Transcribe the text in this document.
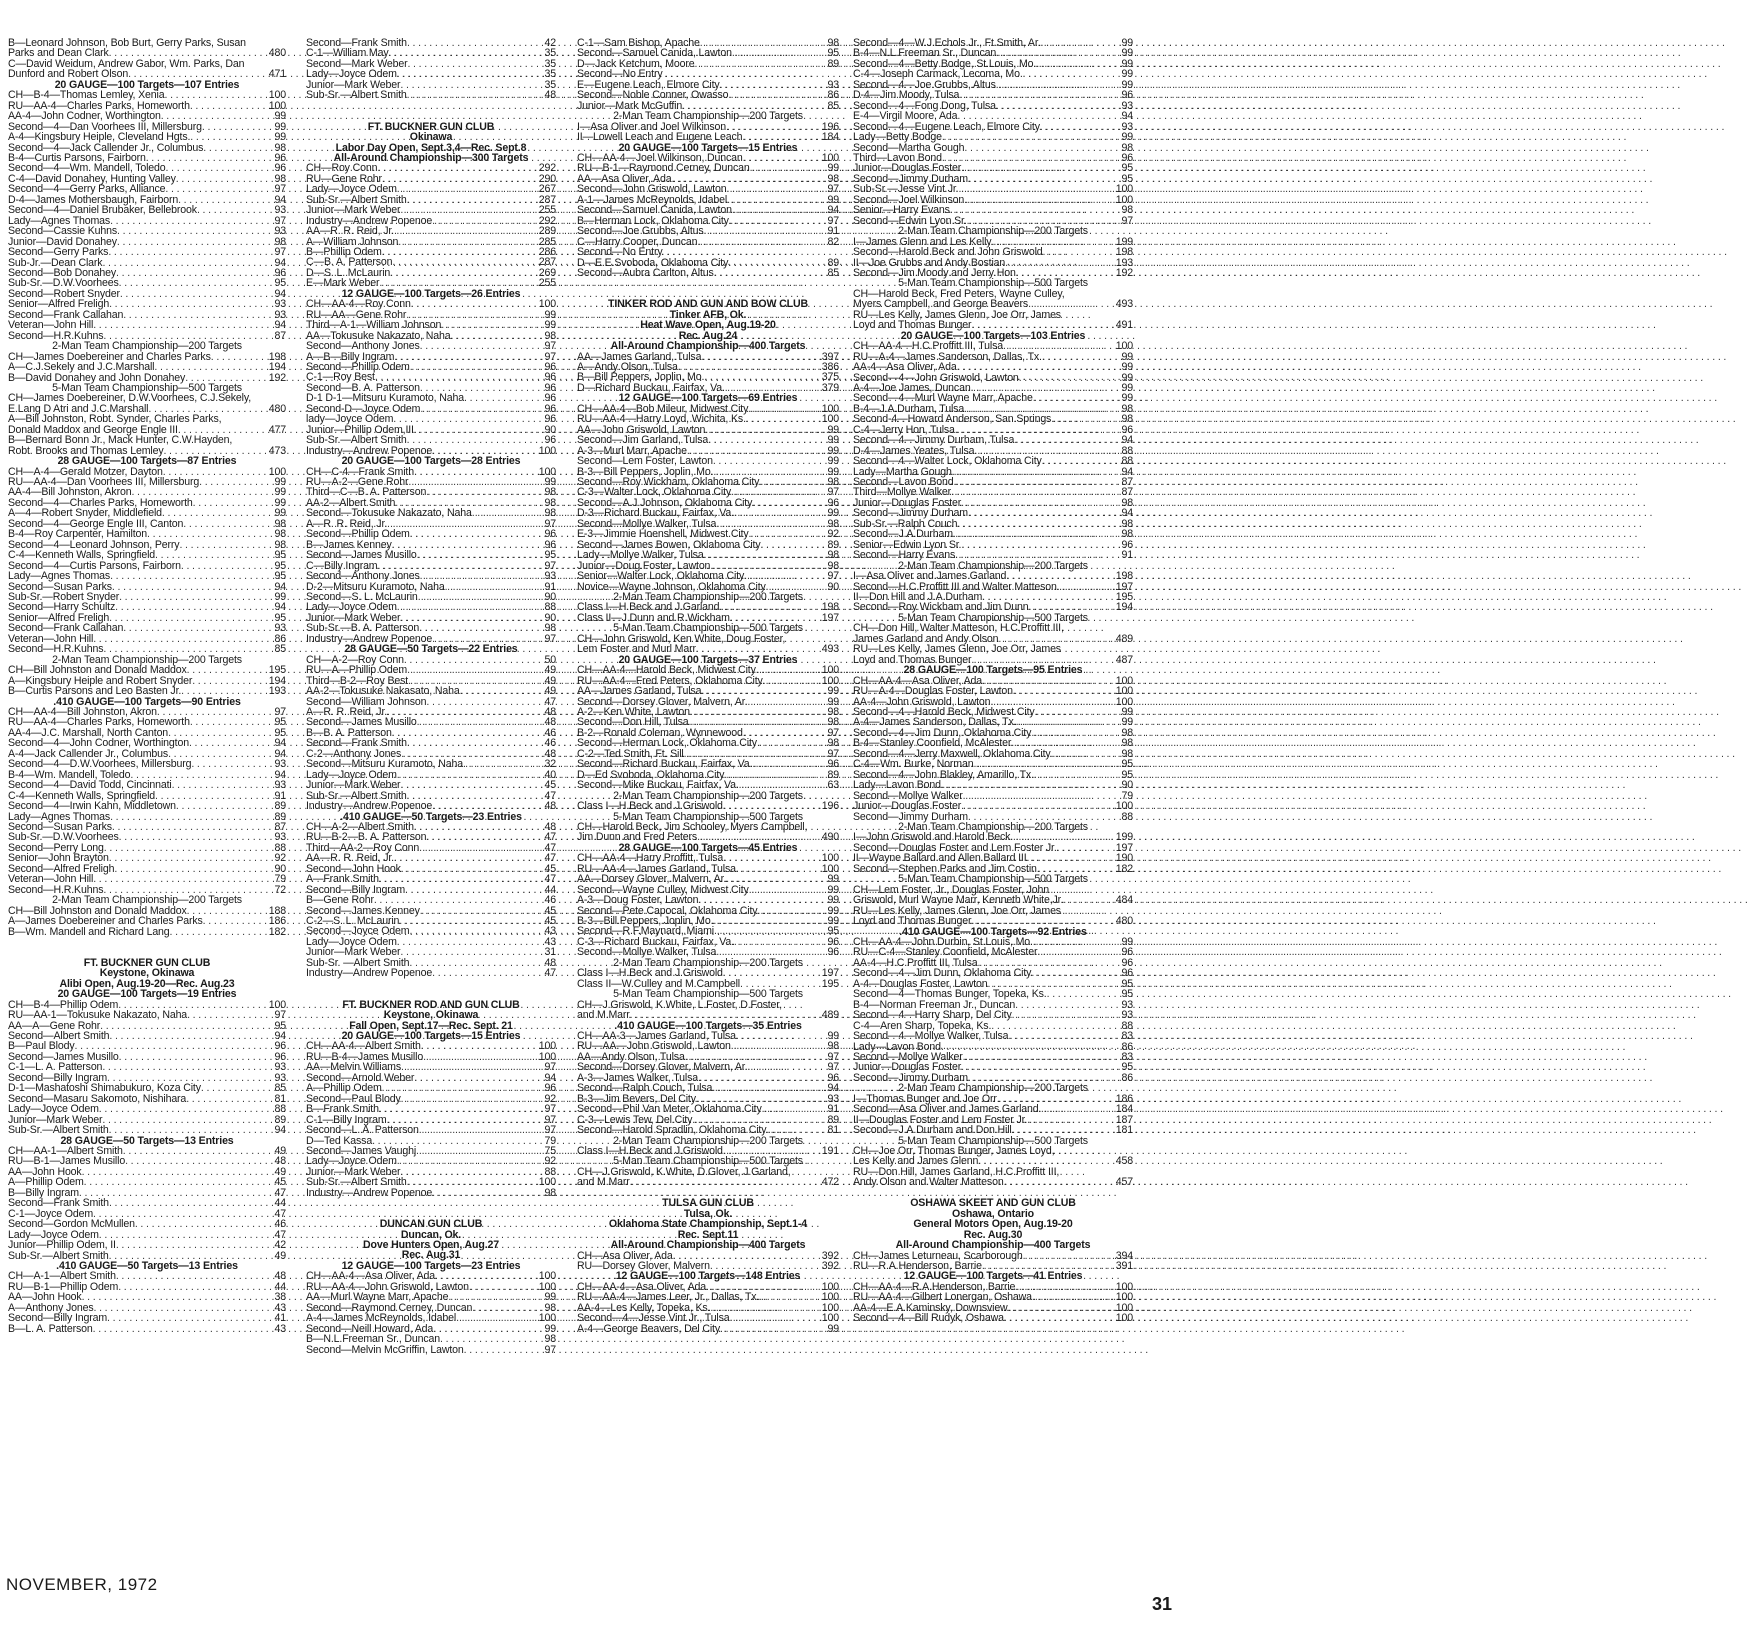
B—Leonard Johnson, Bob Burt, Gerry Parks, Susan
Parks and Dean Clark . . .	480
C—David Weidum, Andrew Gabor, Wm. Parks, Dan
Dunford and Robert Olson . . .	471
20 GAUGE—100 Targets—107 Entries
CH—B-4—Thomas Lemley, Xenia . . .	100
RU—AA-4—Charles Parks, Homeworth . . .	100
AA-4—John Codner, Worthington . . .	99
Second—4—Dan Voorhees III, Millersburg . . .	99
A-4—Kingsbury Heiple, Cleveland Hgts. . . .	99
Second—4—Jack Callender Jr., Columbus . . .	98
B-4—Curtis Parsons, Fairborn . . .	96
Second—4—Wm. Mandell, Toledo . . .	96
C-4—David Donahey, Hunting Valley . . .	98
Second—4—Gerry Parks, Alliance . . .	97
D-4—James Mothersbaugh, Fairborn . . .	94
Second—4—Daniel Brubaker, Bellebrook . . .	93
Lady—Agnes Thomas . . .	97
Second—Cassie Kuhns . . .	93
Junior—David Donahey . . .	98
Second—Gerry Parks . . .	97
Sub-Jr.—Dean Clark . . .	94
Second—Bob Donahey . . .	96
Sub-Sr.—D.W.Voorhees . . .	95
Second—Robert Snyder . . .	94
Senior—Alfred Freligh . . .	93
Second—Frank Callahan . . .	93
Veteran—John Hill . . .	94
Second—H.R.Kuhns . . .	87
2-Man Team Championship—200 Targets
CH—James Doebereiner and Charles Parks . . .	198
A—C.J.Sekely and J.C.Marshall . . .	194
B—David Donahey and John Donahey . . .	192
5-Man Team Championship—500 Targets
CH—James Doebereiner, D.W.Voorhees, C.J.Sekely,
E.Lang D Atri and J.C.Marshall . . .	480
A—Bill Johnston, Robt. Synder, Charles Parks,
Donald Maddox and George Engle III . . .	477
B—Bernard Bonn Jr., Mack Hunter, C.W.Hayden,
Robt. Brooks and Thomas Lemley . . .	473
28 GAUGE—100 Targets—87 Entries
CH—A-4—Gerald Motzer, Dayton . . .	100
RU—AA-4—Dan Voorhees III, Millersburg . . .	99
AA-4—Bill Johnston, Akron . . .	99
Second—4—Charles Parks, Homeworth . . .	99
A—4—Robert Snyder, Middlefield . . .	99
Second—4—George Engle III, Canton . . .	98
B-4—Roy Carpenter, Hamilton . . .	98
Second—4—Leonard Johnson, Perry . . .	98
C-4—Kenneth Walls, Springfield . . .	95
Second—4—Curtis Parsons, Fairborn . . .	95
Lady—Agnes Thomas . . .	95
Second—Susan Parks . . .	94
Sub-Sr.—Robert Snyder . . .	99
Second—Harry Schultz . . .	94
Senior—Alfred Freligh . . .	95
Second—Frank Callahan . . .	93
Veteran—John Hill . . .	86
Second—H.R.Kuhns . . .	85
2-Man Team Championship—200 Targets
CH—Bill Johnston and Donald Maddox . . .	195
A—Kingsbury Heiple and Robert Snyder . . .	194
B—Curtis Parsons and Leo Basten Jr. . . .	193
.410 GAUGE—100 Targets—90 Entries
CH—AA-4—Bill Johnston, Akron . . .	97
RU—AA-4—Charles Parks, Homeworth . . .	95
AA-4—J.C. Marshall, North Canton . . .	95
Second—4—John Codner, Worthington . . .	94
A-4—Jack Callender Jr., Columbus . . .	94
Second—4—D.W.Voorhees, Millersburg . . .	93
B-4—Wm. Mandell, Toledo . . .	94
Second—4—David Todd, Cincinnati . . .	93
C-4—Kenneth Walls, Springfield . . .	91
Second—4—Irwin Kahn, Middletown . . .	89
Lady—Agnes Thomas . . .	89
Second—Susan Parks . . .	87
Sub-Sr.—D.W.Voorhees . . .	93
Second—Perry Long . . .	88
Senior—John Brayton . . .	92
Second—Alfred Freligh . . .	90
Veteran—John Hill . . .	79
Second—H.R.Kuhns . . .	72
2-Man Team Championship—200 Targets
CH—Bill Johnston and Donald Maddox . . .	188
A—James Doebereiner and Charles Parks . . .	186
B—Wm. Mandell and Richard Lang . . .	182
FT. BUCKNER GUN CLUB
Keystone, Okinawa
Alibi Open, Aug.19-20—Rec. Aug.23
20 GAUGE—100 Targets—19 Entries
CH—B-4—Phillip Odem . . .	100
RU—AA-1—Tokusuke Nakazato, Naha . . .	97
AA—A—Gene Rohr . . .	95
Second—Albert Smith . . .	94
B—Paul Blody . . .	96
Second—James Musillo . . .	96
C-1—L. A. Patterson . . .	93
Second—Billy Ingram . . .	93
D-1—Mashatoshi Shimabukuro, Koza City . . .	85
Second—Masaru Sakomoto, Nishihara . . .	81
Lady—Joyce Odem . . .	88
Junior—Mark Weber . . .	89
Sub-Sr.—Albert Smith . . .	94
28 GAUGE—50 Targets—13 Entries
CH—AA-1—Albert Smith . . .	49
RU—B-1—James Musillo . . .	48
AA—John Hook . . .	49
A—Phillip Odem . . .	45
B—Billy Ingram . . .	47
Second—Frank Smith . . .	44
C-1—Joyce Odem . . .	47
Second—Gordon McMullen . . .	46
Lady—Joyce Odem . . .	47
Junior—Phillip Odem, II . . .	42
Sub-Sr.—Albert Smith . . .	49
.410 GAUGE—50 Targets—13 Entries
CH—A-1—Albert Smith . . .	48
RU—B-1—Phillip Odem . . .	44
AA—John Hook . . .	38
A—Anthony Jones . . .	43
Second—Billy Ingram . . .	41
B—L. A. Patterson . . .	43
Second—Frank Smith . . .	42
C-1—William May . . .	35
Second—Mark Weber . . .	35
Lady—Joyce Odem . . .	35
Junior—Mark Weber . . .	35
Sub-Sr.—Albert Smith . . .	48
FT. BUCKNER GUN CLUB
Okinawa
Labor Day Open, Sept.3,4—Rec. Sept.8
All-Around Championship—300 Targets
CH—Roy Conn . . .	292
RU—Gene Rohr . . .	290
Lady—Joyce Odem . . .	267
Sub-Sr.—Albert Smith . . .	287
Junior—Mark Weber . . .	255
Industry—Andrew Popenoe . . .	292
AA—R. R. Reid, Jr. . . .	289
A—William Johnson . . .	285
B—Phillip Odem . . .	286
C—B. A. Patterson . . .	287
D—S. L. McLaurin . . .	269
E—Mark Weber . . .	255
12 GAUGE—100 Targets—26 Entries
CH—AA-4—Roy Conn . . .	100
RU—AA—Gene Rohr . . .	99
Third—A-1—William Johnson . . .	99
AA—Tokusuke Nakazato, Naha . . .	98
Second—Anthony Jones . . .	97
A—B—Billy Ingram . . .	97
Second—Phillip Odem . . .	96
C-1—Roy Best . . .	96
Second—B. A. Patterson . . .	96
D-1 D-1—Mitsuru Kuramoto, Naha . . .	96
Second-D—Joyce Odem . . .	96
lady—Joyce Odem . . .	96
Junior—Phillip Odem,III . . .	90
Sub-Sr.—Albert Smith . . .	96
Industry—Andrew Popenoe . . .	100
20 GAUGE—100 Targets—28 Entries
CH—C-4—Frank Smith . . .	100
RU—A-2—Gene Rohr . . .	99
Third—C—B. A. Patterson . . .	98
AA-2—Albert Smith . . .	98
Second—Tokusuke Nakazato, Naha . . .	98
A—R. R. Reid, Jr. . . .	97
Second—Phillip Odem . . .	96
B—James Kenney . . .	96
Second—James Musillo . . .	95
C—Billy Ingram . . .	97
Second—Anthony Jones . . .	93
D-2—Mitsuru Kuramoto, Naha . . .	91
Second—S. L. McLaurin . . .	90
Lady—Joyce Odem . . .	88
Junior—Mark Weber . . .	90
Sub-Sr.—B. A. Patterson . . .	98
Industry—Andrew Popenoe . . .	97
28 GAUGE—50 Targets—22 Entries
CH—A-2—Roy Conn . . .	50
RU—A—Phillip Odem . . .	49
Third—B-2—Roy Best . . .	49
AA-2—Tokusuke Nakasato, Naha . . .	49
Second—William Johnson . . .	47
A—R. R. Reid, Jr. . . .	48
Second—James Musillo . . .	48
B—B. A. Patterson . . .	46
Second—Frank Smith . . .	46
C-2—Anthony Jones . . .	48
Second—Mitsuru Kuramoto, Naha . . .	32
Lady—Joyce Odem . . .	40
Junior—Mark Weber . . .	45
Sub-Sr.—Albert Smith . . .	47
Industry—Andrew Popenoe . . .	48
.410 GAUGE—50 Targets—23 Entries
CH—A-2—Albert Smith . . .	48
RU—B-2—B. A. Patterson . . .	47
Third—AA-2—Roy Conn . . .	47
AA—R. R. Reid, Jr. . . .	47
Second—John Hook . . .	45
A—Frank Smith . . .	47
Second—Billy Ingram . . .	44
B—Gene Rohr . . .	46
Second—James Kenney . . .	45
C-2—S. L. McLaurin . . .	45
Second—Joyce Odem . . .	43
Lady—Joyce Odem . . .	43
Junior—Mark Weber . . .	31
Sub-Sr. —Albert Smith . . .	48
Industry—Andrew Popenoe . . .	47
FT. BUCKNER ROD AND GUN CLUB
Keystone, Okinawa
Fall Open, Sept.17—Rec. Sept. 21
20 GAUGE—100 Targets—15 Entries
CH—AA-4—Albert Smith . . .	100
RU—B-4—James Musillo . . .	100
AA—Melvin Williams . . .	97
Second—Arnold Weber . . .	94
A—Phillip Odem . . .	96
Second—Paul Blody . . .	92
B—Frank Smith . . .	97
C-1—Billy Ingram . . .	97
Second—L. A. Patterson . . .	97
D—Ted Kassa . . .	79
Second—James Vaughj . . .	75
Lady—Joyce Odem . . .	92
Junior—Mark Weber . . .	88
Sub-Sr.—Albert Smith . . .	100
Industry—Andrew Popenoe . . .	98
DUNCAN GUN CLUB
Duncan, Ok.
Dove Hunters Open, Aug.27
Rec. Aug.31
12 GAUGE—100 Targets—23 Entries
CH—AA-4—Asa Oliver, Ada . . .	100
RU—AA-4—John Griswold, Lawton . . .	100
AA—Murl Wayne Marr, Apache . . .	99
Second—Raymond Cerney, Duncan . . .	98
A-4—James McReynolds, Idabel . . .	100
Second—Neill Howard, Ada . . .	99
B—N.L.Freeman Sr., Duncan . . .	98
Second—Melvin McGriffin, Lawton . . .	97
C-1—Sam Bishop, Apache . . .	98
Second—Samuel Canida, Lawton . . .	95
D—Jack Ketchum, Moore . . .	89
Second—No Entry
E—Eugene Leach, Elmore City . . .	93
Second—Noble Conner, Owasso . . .	86
Junior—Mark McGuffin . . .	85
2-Man Team Championship—200 Targets
I—Asa Oliver and Joel Wilkinson . . .	196
II—Lowell Leach and Eugene Leach . . .	184
20 GAUGE—100 Targets—15 Entries
CH—AA-4—Joel Wilkinson, Duncan . . .	100
RU—B-1—Raymond Cerney, Duncan . . .	99
AA—Asa Oliver, Ada . . .	98
Second—John Griswold, Lawton . . .	97
A-1—James McReynolds, Idabel . . .	99
Second—Samuel Canida, Lawton . . .	94
B—Herman Lock, Oklahoma City . . .	97
Second—Joe Grubbs, Altus . . .	91
C—Harry Cooper, Duncan . . .	82
Second—No Entry
D—E.E.Svoboda, Oklahoma City . . .	89
Second—Aubra Carlton, Altus . . .	85
TINKER ROD AND GUN AND BOW CLUB
Tinker AFB, Ok.
Heat Wave Open, Aug.19-20
Rec. Aug.24
All-Around Championship—400 Targets
AA—James Garland, Tulsa . . .	397
A—Andy Olson, Tulsa . . .	386
B—Bill Peppers, Joplin, Mo. . . .	375
D—Richard Buckau, Fairfax, Va. . . .	379
12 GAUGE—100 Targets—69 Entries
CH—AA-4—Bob Mileur, Midwest City . . .	100
RU—AA-4—Harry Loyd, Wichita, Ks. . . .	100
AA—John Griswold, Lawton . . .	99
Second—Jim Garland, Tulsa . . .	99
A-3—Murl Marr, Apache . . .	99
Second—Lem Foster, Lawton . . .	99
B-3—Bill Peppers, Joplin, Mo. . . .	99
Second—Roy Wickham, Oklahoma City . . .	98
C-3—Walter Lock, Oklahoma City . . .	97
Second—A.J.Johnson, Oklahoma City . . .	96
D-3—Richard Buckau, Fairfax, Va. . . .	99
Second—Mollye Walker, Tulsa . . .	98
E-3—Jimmie Hoenshell, Midwest City . . .	92
Second—James Bowen, Oklahoma City . . .	89
Lady—Mollye Walker, Tulsa . . .	98
Junior—Doug Foster, Lawton . . .	98
Senior—Walter Lock, Oklahoma City . . .	97
Novice—Wayne Johnson, Oklahoma City . . .	90
2-Man Team Championship—200 Targets
Class I—H.Beck and J.Garland . . .	198
Class II—J.Dunn and R.Wickham . . .	197
5-Man Team Championship—500 Targets
CH—John Griswold, Ken White, Doug Foster,
Lem Foster and Murl Marr . . .	493
20 GAUGE—100 Targets—37 Entries
CH—AA-4—Harold Beck, Midwest City . . .	100
RU—AA-4—Fred Peters, Oklahoma City . . .	100
AA—James Garland, Tulsa . . .	99
Second—Dorsey Glover, Malvern, Ar. . . .	99
A-2—Ken White, Lawton . . .	98
Second—Don Hill, Tulsa . . .	98
B-2—Ronald Coleman, Wynnewood . . .	97
Second—Herman Lock, Oklahoma City . . .	98
C-2—Ted Smith, Ft. Sill . . .	97
Second—Richard Buckau, Fairfax, Va. . . .	96
D—Ed Svoboda, Oklahoma City . . .	89
Second—Mike Buckau, Fairfax, Va. . . .	63
2-Man Team Championship—200 Targets
Class I—H.Beck and J.Griswold . . .	196
5-Man Team Championship—500 Targets
CH—Harold Beck, Jim Schooley, Myers Campbell,
Jim Dunn and Fred Peters . . .	490
28 GAUGE—100 Targets—45 Entries
CH—AA-4—Harry Proffitt, Tulsa . . .	100
RU—AA-4—James Garland, Tulsa . . .	100
AA—Dorsey Glover, Malvern, Ar. . . .	99
Second—Wayne Culley, Midwest City . . .	99
A-3—Doug Foster, Lawton . . .	99
Second—Pete Capocal, Oklahoma City . . .	99
B-3—Bill Peppers, Joplin, Mo. . . .	99
Second—R.F.Maynard, Miami . . .	95
C-3—Richard Buckau, Fairfax, Va. . . .	96
Second—Mollye Walker, Tulsa . . .	96
2-Man Team Championship—200 Targets
Class I—H.Beck and J.Griswold . . .	197
Class II—W.Culley and M.Campbell . . .	195
5-Man Team Championship—500 Targets
CH—J.Griswold, K.White, L.Foster, D.Foster,
and M.Marr . . .	489
.410 GAUGE—100 Targets—35 Entries
CH—AA-3—James Garland, Tulsa . . .	99
RU—AA—John Griswold, Lawton . . .	98
AA—Andy Olson, Tulsa . . .	97
Second—Dorsey Glover, Malvern, Ar. . . .	97
A-3—James Walker, Tulsa . . .	96
Second—Ralph Couch, Tulsa . . .	94
B-3—Jim Bevers, Del City . . .	93
Second—Phil Van Meter, Oklahoma City . . .	91
C-3—Lewis Tew, Del City . . .	89
Second—Harold Spradlin, Oklahoma City . . .	81
2-Man Team Championship—200 Targets
Class I—H.Beck and J.Griswold . . .	191
5-Man Team Championship—500 Targets
CH—J.Griswold, K.White, D.Glover, J.Garland,
and M.Marr . . .	472
TULSA GUN CLUB
Tulsa, Ok.
Oklahoma State Championship, Sept.1-4
Rec. Sept.11
All-Around Championship—400 Targets
CH—Asa Oliver, Ada . . .	392
RU—Dorsey Glover, Malvern . . .	392
12 GAUGE—100 Targets—148 Entries
CH—AA-4—Asa Oliver, Ada . . .	100
RU—AA-4—James Leer, Jr., Dallas, Tx. . . .	100
AA-4—Les Kelly, Topeka, Ks. . . .	100
Second—4—Jesse Vint Jr., Tulsa . . .	100
A-4—George Beavers, Del City . . .	99
Second—4—W.J.Echols Jr., Ft.Smith, Ar. . . .	99
B-4—N.L.Freeman Sr., Duncan . . .	99
Second—4—Betty Bodge, St.Louis, Mo. . . .	99
C-4—Joseph Carmack, Lecoma, Mo. . . .	99
Second—4—Joe Grubbs, Altus . . .	99
D-4—Jim Moody, Tulsa . . .	96
Second—4—Fong Dong, Tulsa . . .	93
E-4—Virgil Moore, Ada . . .	94
Second—4—Eugene Leach, Elmore City . . .	93
Lady—Betty Bodge . . .	99
Second—Martha Gough . . .	98
Third—Lavon Bond . . .	96
Junior—Douglas Foster . . .	95
Second—Jimmy Durham . . .	95
Sub-Sr.—Jesse Vint Jr. . . .	100
Second—Joel Wilkinson . . .	100
Senior—Harry Evans . . .	98
Second—Edwin Lyon Sr. . . .	97
2-Man Team Championship—200 Targets
I—James Glenn and Les Kelly . . .	199
Second—Harold Beck and John Griswold . . .	198
II—Joe Grubbs and Andy Bostian . . .	193
Second—Jim Moody and Jerry Hon . . .	192
5-Man Team Championship—500 Targets
CH—Harold Beck, Fred Peters, Wayne Culley,
Myers Campbell, and George Beavers . . .	493
RU—Les Kelly, James Glenn, Joe Orr, James
Loyd and Thomas Bunger . . .	491
20 GAUGE—100 Targets—103 Entries
CH—AA-4—H.C.Proffitt III, Tulsa . . .	100
RU—A-4—James Sanderson, Dallas, Tx. . . .	99
AA-4—Asa Oliver, Ada . . .	99
Second—4—John Griswold, Lawton . . .	99
A-4—Joe James, Duncan . . .	99
Second—4—Murl Wayne Marr, Apache . . .	99
B-4—J.A.Durham, Tulsa . . .	98
Second-4—Howard Anderson, San Springs . . .	98
C-4—Jerry Hon, Tulsa . . .	96
Second—4—Jimmy Durham, Tulsa . . .	94
D-4—James Yeates, Tulsa . . .	88
Second—4—Walter Lock, Oklahoma City . . .	88
Lady—Martha Gough . . .	94
Second—Lavon Bond . . .	87
Third—Mollye Walker . . .	87
Junior—Douglas Foster . . .	98
Second—Jimmy Durham . . .	94
Sub-Sr.—Ralph Couch . . .	98
Second—J.A.Durham . . .	98
Senior—Edwin Lyon Sr. . . .	96
Second—Harry Evans . . .	91
2-Man Team Championship—200 Targets
I—Asa Oliver and James Garland . . .	198
Second—H.C.Proffitt III and Walter Matteson . . .	197
II—Don Hill and J.A.Durham . . .	195
Second—Roy Wickham and Jim Dunn . . .	194
5-Man Team Championship—500 Targets
CH—Don Hill, Walter Matteson, H.C.Proffitt III,
James Garland and Andy Olson . . .	489
RU—Les Kelly, James Glenn, Joe Orr, James
Loyd and Thomas Bunger . . .	487
28 GAUGE—100 Targets—95 Entries
CH—AA-4—Asa Oliver, Ada . . .	100
RU—A-4—Douglas Foster, Lawton . . .	100
AA-4—John Griswold, Lawton . . .	100
Second—4—Harold Beck, Midwest City . . .	99
A-4—James Sanderson, Dallas, Tx. . . .	99
Second—4—Jim Dunn, Oklahoma City . . .	98
B-4—Stanley Coonfield, McAlester . . .	98
Second—4—Jerry Maxwell, Oklahoma City . . .	98
C-4—Wm. Burke, Norman . . .	95
Second—4—John Blakley, Amarillo, Tx. . . .	95
Lady—Lavon Bond . . .	90
Second—Mollye Walker . . .	79
Junior—Douglas Foster . . .	100
Second—Jimmy Durham . . .	88
2-Man Team Championship—200 Targets
I—John Griswold and Harold Beck . . .	199
Second—Douglas Foster and Lem Foster Jr. . . .	197
II—Wayne Ballard and Allen Ballard III . . .	190
Second—Stephen Parks and Jim Costin . . .	182
5-Man Team Championship—500 Targets
CH—Lem Foster, Jr., Douglas Foster, John
Griswold, Murl Wayne Marr, Kenneth White,Jr. . . .	484
RU—Les Kelly, James Glenn, Joe Orr, James
Loyd and Thomas Bunger . . .	480
.410 GAUGE—100 Targets—92 Entries
CH—AA-4—John Durbin, St.Louis, Mo. . . .	99
RU—C-4—Stanley Coonfield, McAlester . . .	96
AA-4—H.C.Proffitt III, Tulsa . . .	96
Second—4—Jim Dunn, Oklahoma City . . .	96
A-4—Douglas Foster, Lawton . . .	95
Second—4—Thomas Bunger, Topeka, Ks. . . .	95
B-4—Norman Freeman Jr., Duncan . . .	93
Second—4—Harry Sharp, Del City . . .	93
C-4—Aren Sharp, Topeka, Ks. . . .	88
Second—4—Mollye Walker, Tulsa . . .	83
Lady—Lavon Bond . . .	86
Second—Mollye Walker . . .	83
Junior—Douglas Foster . . .	95
Second—Jimmy Durham . . .	86
2-Man Team Championship—200 Targets
I—Thomas Bunger and Joe Orr . . .	186
Second—Asa Oliver and James Garland . . .	184
II—Douglas Foster and Lem Foster Jr. . . .	187
Second—J.A.Durham and Don Hill . . .	181
5-Man Team Championship—500 Targets
CH—Joe Orr, Thomas Bunger, James Loyd,
Les Kelly and James Glenn . . .	458
RU—Don Hill, James Garland, H.C.Proffitt III,
Andy Olson and Walter Matteson . . .	457
OSHAWA SKEET AND GUN CLUB
Oshawa, Ontario
General Motors Open, Aug.19-20
Rec. Aug.30
All-Around Championship—400 Targets
CH—James Leturneau, Scarborough . . .	394
RU—R.A.Henderson, Barrie . . .	391
12 GAUGE—100 Targets—41 Entries
CH—AA-4—R.A.Henderson, Barrie . . .	100
RU—AA-4—Gilbert Lonergan, Oshawa . . .	100
AA-4—E.A.Kaminsky, Downsview . . .	100
Second—4—Bill Rudyk, Oshawa . . .	100
NOVEMBER, 1972
31
